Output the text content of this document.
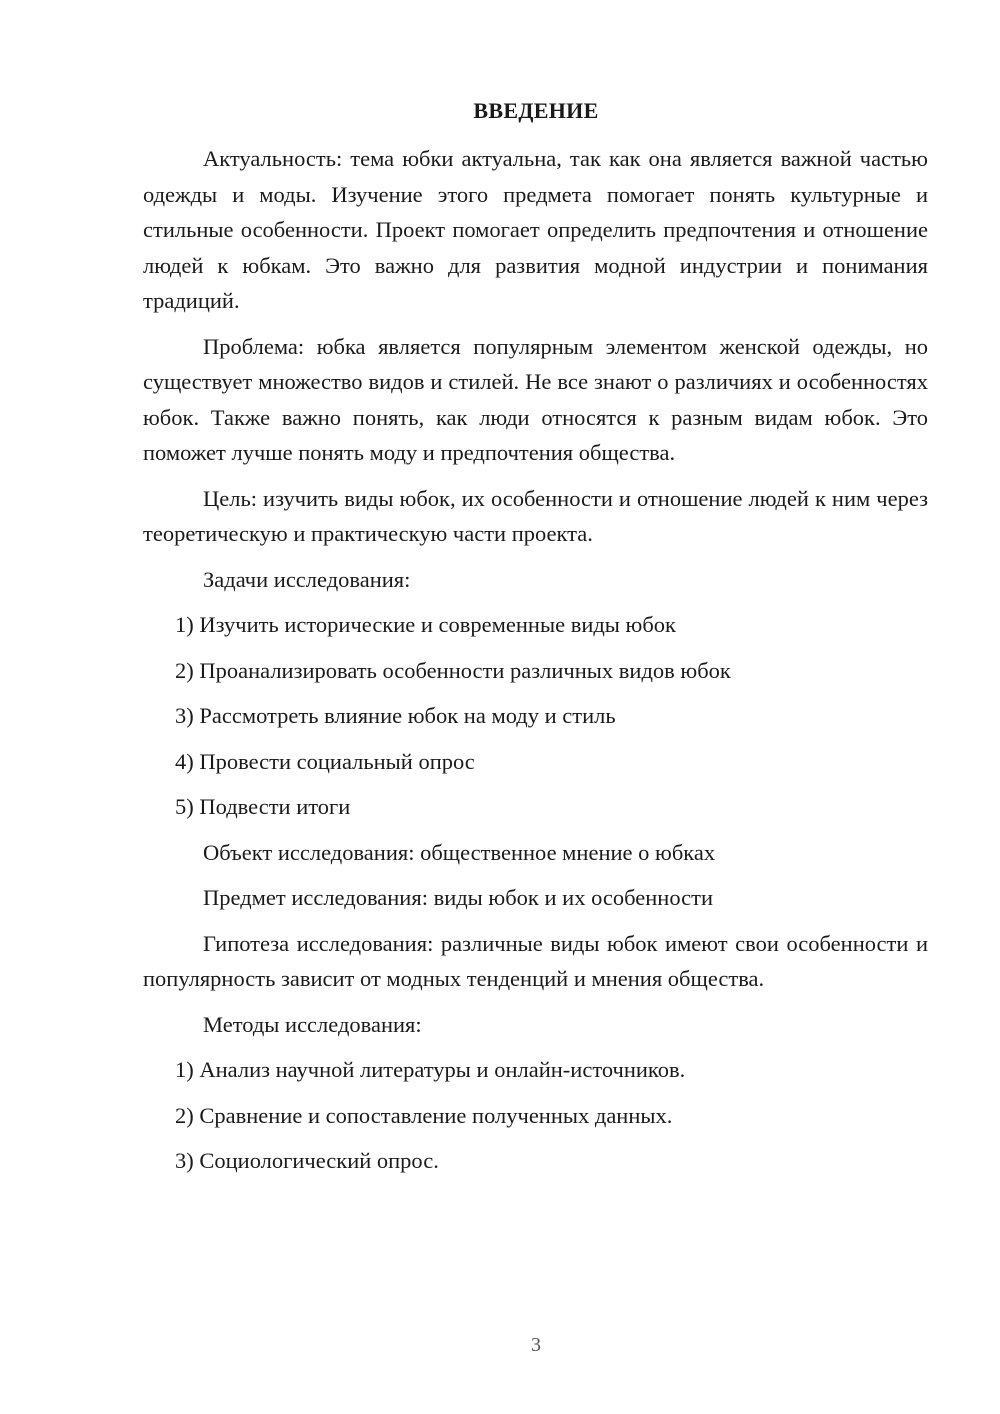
ВВЕДЕНИЕ

Актуальность: тема юбки актуальна, так как она является важной частью одежды и моды. Изучение этого предмета помогает понять культурные и стильные особенности. Проект помогает определить предпочтения и отношение людей к юбкам. Это важно для развития модной индустрии и понимания традиций.

Проблема: юбка является популярным элементом женской одежды, но существует множество видов и стилей. Не все знают о различиях и особенностях юбок. Также важно понять, как люди относятся к разным видам юбок. Это поможет лучше понять моду и предпочтения общества.

Цель: изучить виды юбок, их особенности и отношение людей к ним через теоретическую и практическую части проекта.

Задачи исследования:

1) Изучить исторические и современные виды юбок

2) Проанализировать особенности различных видов юбок

3) Рассмотреть влияние юбок на моду и стиль

4) Провести социальный опрос

5) Подвести итоги

Объект исследования: общественное мнение о юбках

Предмет исследования: виды юбок и их особенности

Гипотеза исследования: различные виды юбок имеют свои особенности и популярность зависит от модных тенденций и мнения общества.

Методы исследования:

1) Анализ научной литературы и онлайн-источников.

2) Сравнение и сопоставление полученных данных.

3) Социологический опрос.

3
